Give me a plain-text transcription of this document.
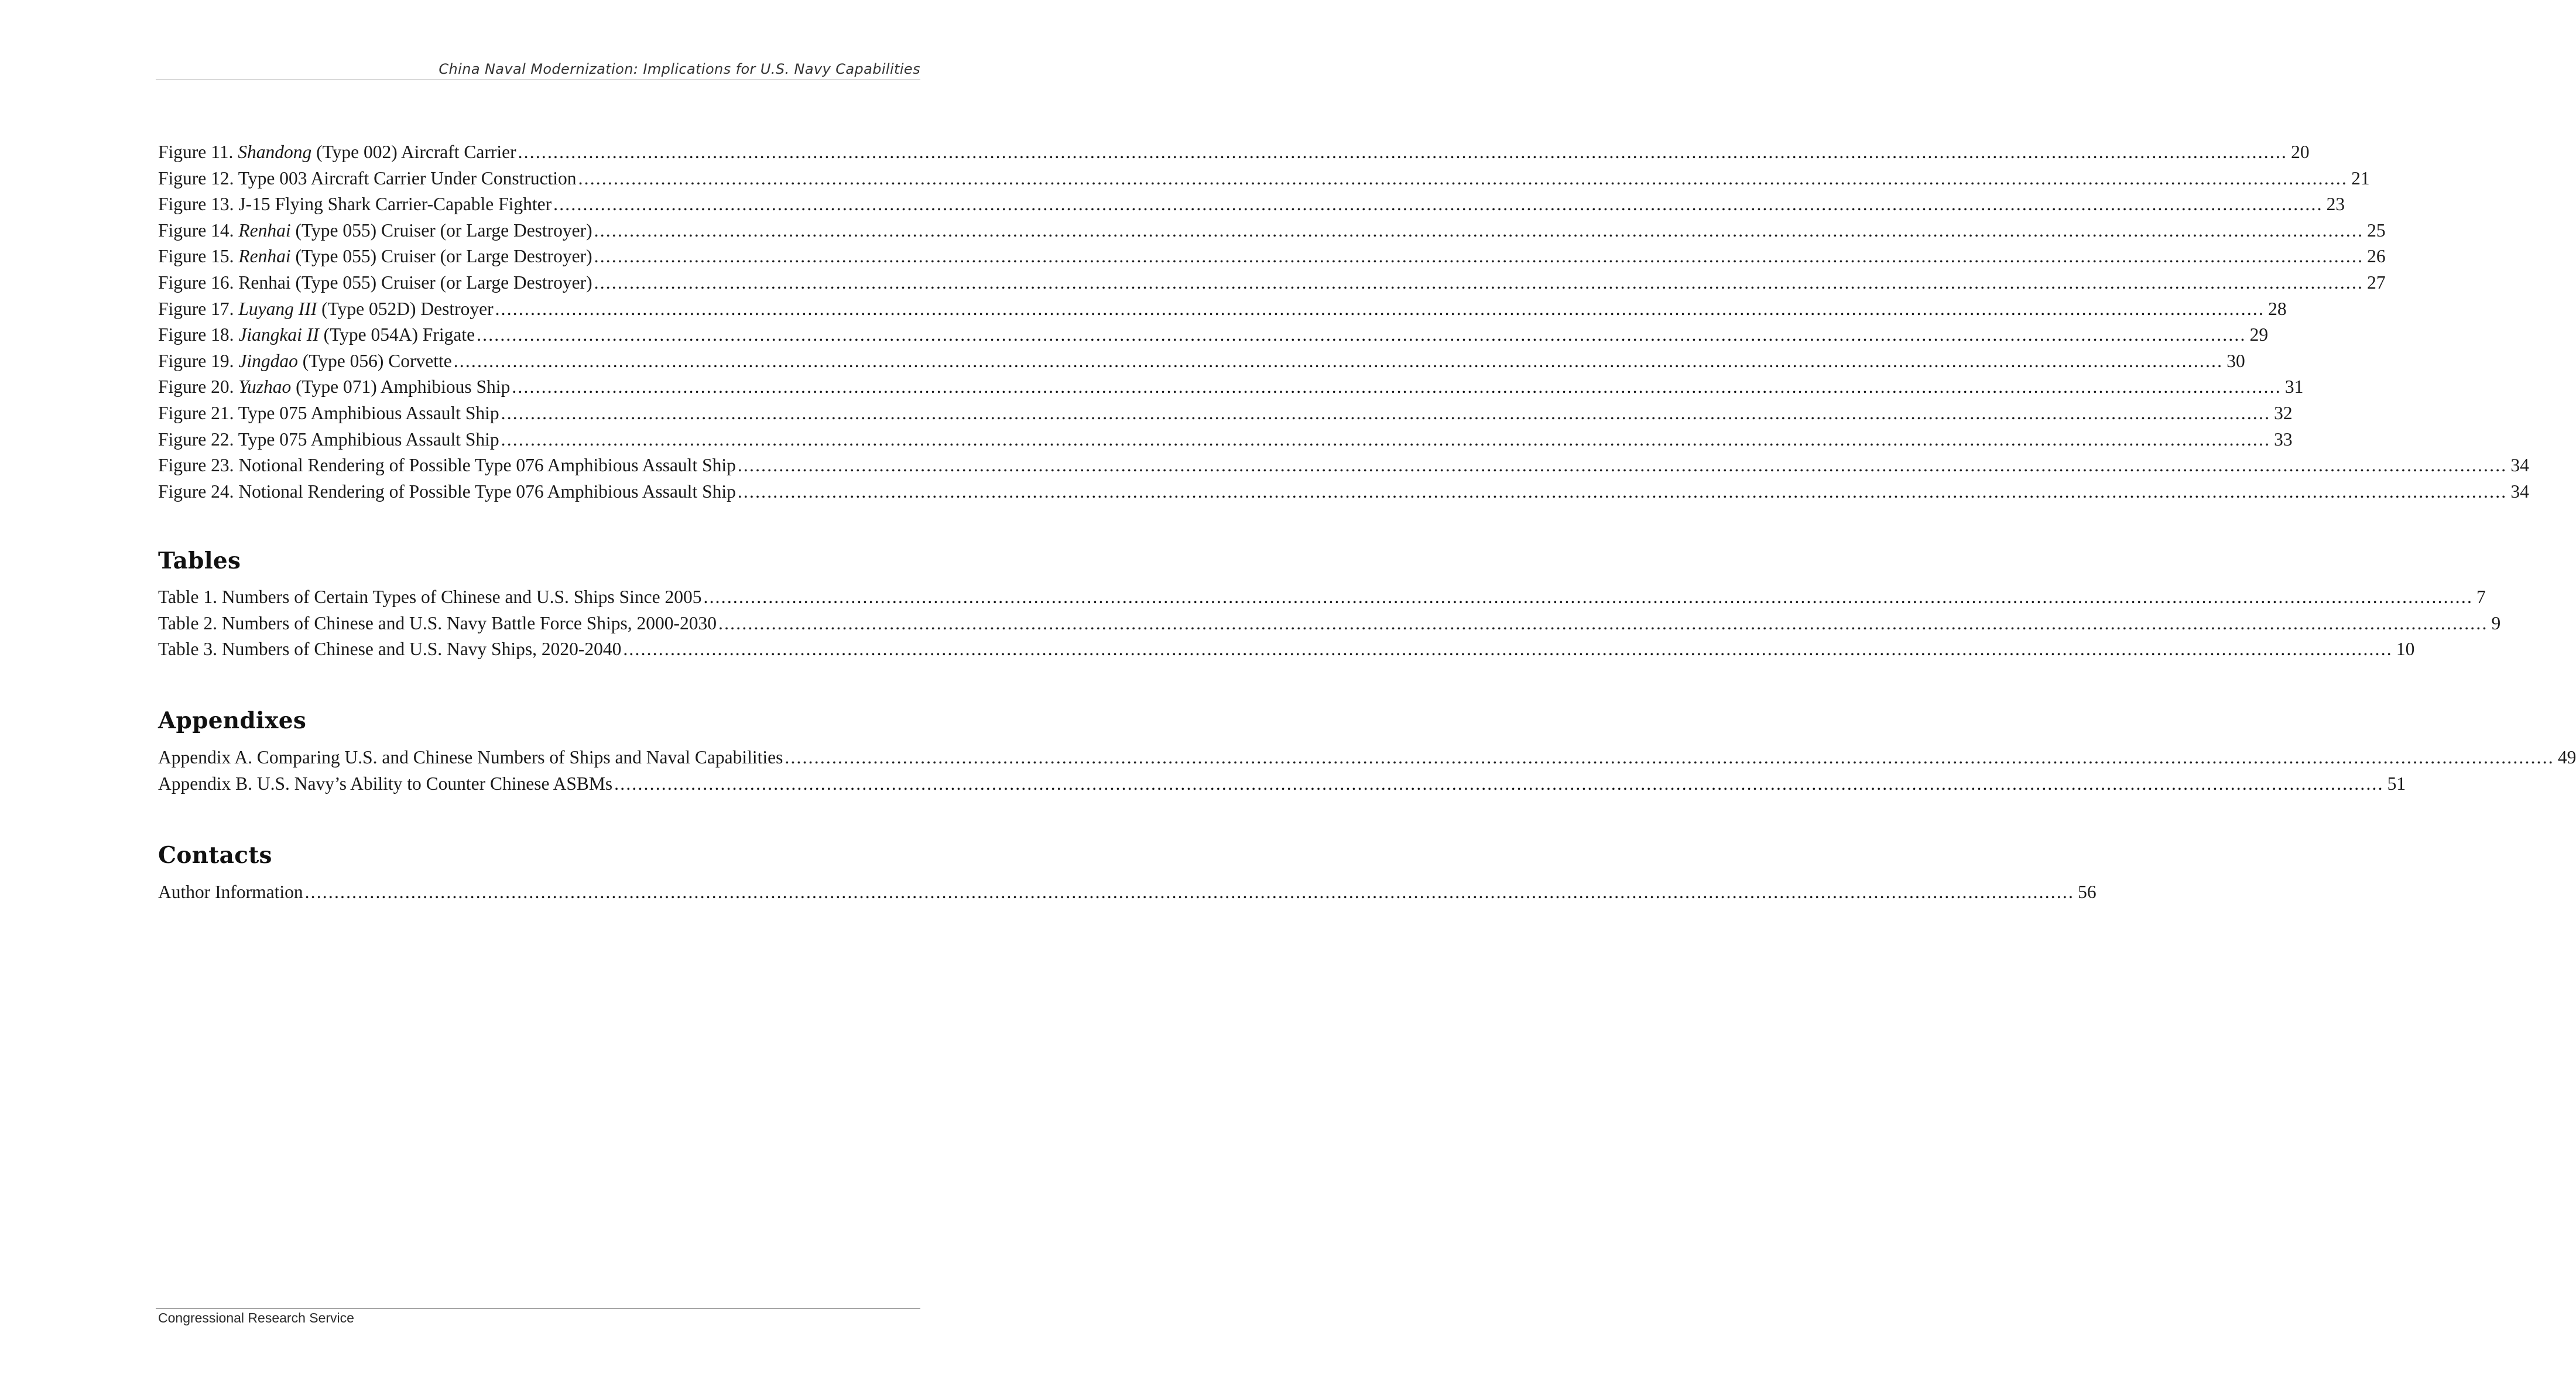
China Naval Modernization: Implications for U.S. Navy Capabilities
Figure 11. Shandong (Type 002) Aircraft Carrier ............................................................................................................................................................................................................................................................................................................ 20
Figure 12. Type 003 Aircraft Carrier Under Construction ............................................................................................................................................................................................................................................................................................................ 21
Figure 13. J-15 Flying Shark Carrier-Capable Fighter ............................................................................................................................................................................................................................................................................................................ 23
Figure 14. Renhai (Type 055) Cruiser (or Large Destroyer) ............................................................................................................................................................................................................................................................................................................ 25
Figure 15. Renhai (Type 055) Cruiser (or Large Destroyer) ............................................................................................................................................................................................................................................................................................................ 26
Figure 16. Renhai (Type 055) Cruiser (or Large Destroyer) ............................................................................................................................................................................................................................................................................................................ 27
Figure 17. Luyang III (Type 052D) Destroyer ............................................................................................................................................................................................................................................................................................................ 28
Figure 18. Jiangkai II (Type 054A) Frigate ............................................................................................................................................................................................................................................................................................................ 29
Figure 19. Jingdao (Type 056) Corvette ............................................................................................................................................................................................................................................................................................................ 30
Figure 20. Yuzhao (Type 071) Amphibious Ship ............................................................................................................................................................................................................................................................................................................ 31
Figure 21. Type 075 Amphibious Assault Ship ............................................................................................................................................................................................................................................................................................................ 32
Figure 22. Type 075 Amphibious Assault Ship ............................................................................................................................................................................................................................................................................................................ 33
Figure 23. Notional Rendering of Possible Type 076 Amphibious Assault Ship ............................................................................................................................................................................................................................................................................................................ 34
Figure 24. Notional Rendering of Possible Type 076 Amphibious Assault Ship ............................................................................................................................................................................................................................................................................................................ 34
Tables
Table 1. Numbers of Certain Types of Chinese and U.S. Ships Since 2005 ............................................................................................................................................................................................................................................................................................................ 7
Table 2. Numbers of Chinese and U.S. Navy Battle Force Ships, 2000-2030 ............................................................................................................................................................................................................................................................................................................ 9
Table 3. Numbers of Chinese and U.S. Navy Ships, 2020-2040 ............................................................................................................................................................................................................................................................................................................ 10
Appendixes
Appendix A. Comparing U.S. and Chinese Numbers of Ships and Naval Capabilities ............................................................................................................................................................................................................................................................................................................ 49
Appendix B. U.S. Navy’s Ability to Counter Chinese ASBMs ............................................................................................................................................................................................................................................................................................................ 51
Contacts
Author Information ............................................................................................................................................................................................................................................................................................................ 56
Congressional Research Service
